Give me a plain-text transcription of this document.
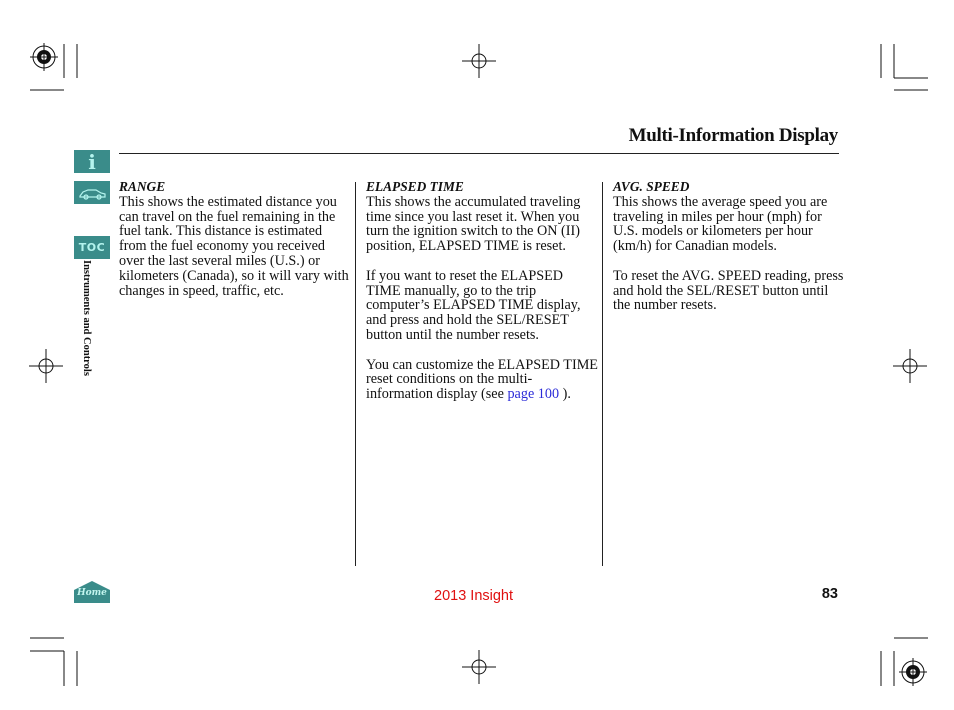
Multi-Information Display
i
TOC
Instruments and Controls
RANGE

This shows the estimated distance you can travel on the fuel remaining in the fuel tank. This distance is estimated from the fuel economy you received over the last several miles (U.S.) or kilometers (Canada), so it will vary with changes in speed, traffic, etc.

ELAPSED TIME

This shows the accumulated traveling time since you last reset it. When you turn the ignition switch to the ON (II) position, ELAPSED TIME is reset.

If you want to reset the ELAPSED TIME manually, go to the trip computer’s ELAPSED TIME display, and press and hold the SEL/RESET button until the number resets.

You can customize the ELAPSED TIME reset conditions on the multi-information display (see page 100 ).

AVG. SPEED

This shows the average speed you are traveling in miles per hour (mph) for U.S. models or kilometers per hour (km/h) for Canadian models.

To reset the AVG. SPEED reading, press and hold the SEL/RESET button until the number resets.

Home	2013 Insight	83
